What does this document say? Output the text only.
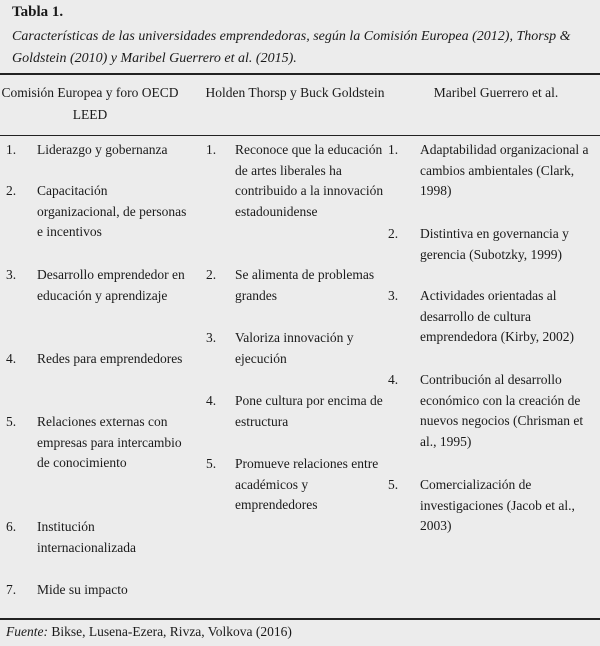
Tabla 1.
Características de las universidades emprendedoras, según la Comisión Europea (2012), Thorsp & Goldstein (2010) y Maribel Guerrero et al. (2015).
Comisión Europea y foro OECD LEED
Holden Thorsp y Buck Goldstein	Maribel Guerrero et al.
1. Liderazgo y gobernanza
2. Capacitación organizacional, de personas e incentivos
3. Desarrollo emprendedor en educación y aprendizaje
4. Redes para emprendedores
5. Relaciones externas con empresas para intercambio de conocimiento
6. Institución internacionalizada
7. Mide su impacto
1. Reconoce que la educación de artes liberales ha contribuido a la innovación estadounidense
2. Se alimenta de problemas grandes
3. Valoriza innovación y ejecución
4. Pone cultura por encima de estructura
5. Promueve relaciones entre académicos y emprendedores
1. Adaptabilidad organizacional a cambios ambientales (Clark, 1998)
2. Distintiva en governancia y gerencia (Subotzky, 1999)
3. Actividades orientadas al desarrollo de cultura emprendedora (Kirby, 2002)
4. Contribución al desarrollo económico con la creación de nuevos negocios (Chrisman et al., 1995)
5. Comercialización de investigaciones (Jacob et al., 2003)
Fuente: Bikse, Lusena-Ezera, Rivza, Volkova (2016)
